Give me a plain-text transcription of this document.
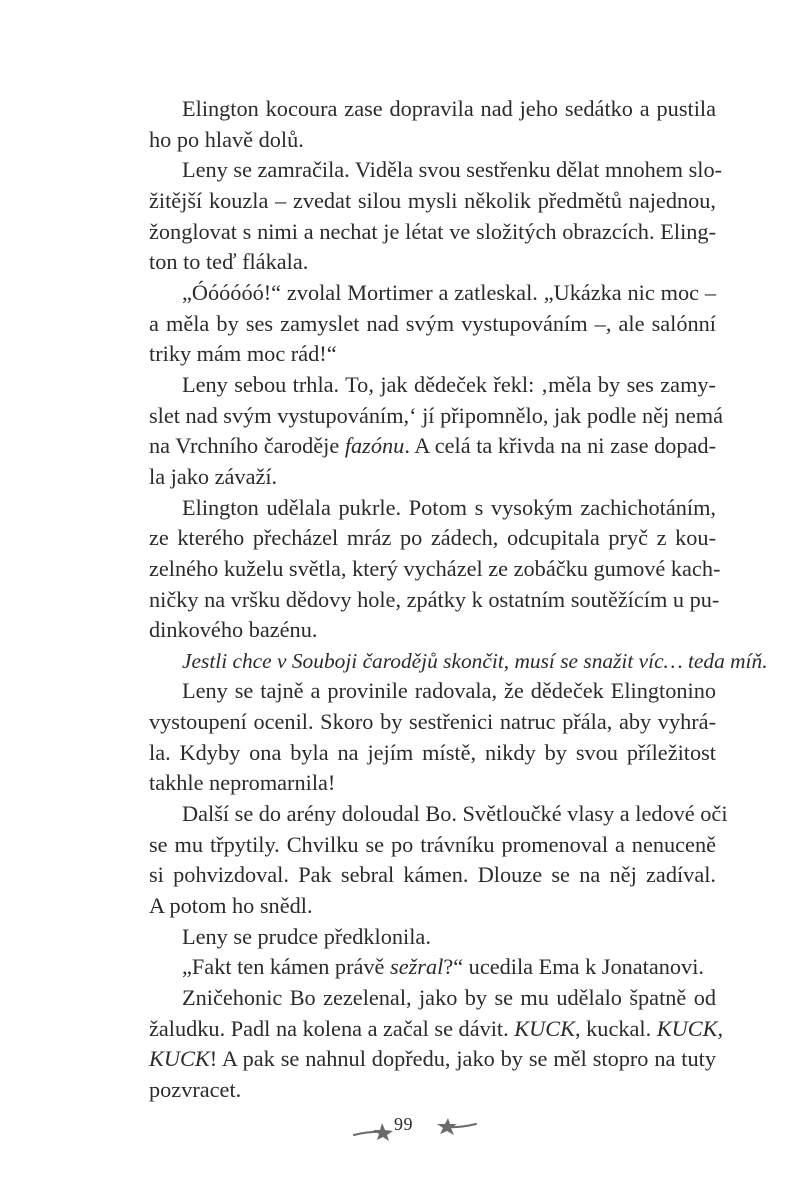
Elington kocoura zase dopravila nad jeho sedátko a pustila
ho po hlavě dolů.

Leny se zamračila. Viděla svou sestřenku dělat mnohem slo-
žitější kouzla – zvedat silou mysli několik předmětů najednou,
žonglovat s nimi a nechat je létat ve složitých obrazcích. Eling-
ton to teď flákala.

„Óóóóóó!“ zvolal Mortimer a zatleskal. „Ukázka nic moc –
a měla by ses zamyslet nad svým vystupováním –, ale salónní
triky mám moc rád!“

Leny sebou trhla. To, jak dědeček řekl: ‚měla by ses zamy-
slet nad svým vystupováním,‘ jí připomnělo, jak podle něj nemá
na Vrchního čaroděje fazónu. A celá ta křivda na ni zase dopad-
la jako závaží.

Elington udělala pukrle. Potom s vysokým zachichotáním,
ze kterého přecházel mráz po zádech, odcupitala pryč z kou-
zelného kuželu světla, který vycházel ze zobáčku gumové kach-
ničky na vršku dědovy hole, zpátky k ostatním soutěžícím u pu-
dinkového bazénu.

Jestli chce v Souboji čarodějů skončit, musí se snažit víc… teda míň.

Leny se tajně a provinile radovala, že dědeček Elingtonino
vystoupení ocenil. Skoro by sestřenici natruc přála, aby vyhrá-
la. Kdyby ona byla na jejím místě, nikdy by svou příležitost
takhle nepromarnila!

Další se do arény doloudal Bo. Světloučké vlasy a ledové oči
se mu třpytily. Chvilku se po trávníku promenoval a nenuceně
si pohvizdoval. Pak sebral kámen. Dlouze se na něj zadíval.
A potom ho snědl.

Leny se prudce předklonila.

„Fakt ten kámen právě sežral?“ ucedila Ema k Jonatanovi.

Zničehonic Bo zezelenal, jako by se mu udělalo špatně od
žaludku. Padl na kolena a začal se dávit. KUCK, kuckal. KUCK,
KUCK! A pak se nahnul dopředu, jako by se měl stopro na tuty
pozvracet.

99
